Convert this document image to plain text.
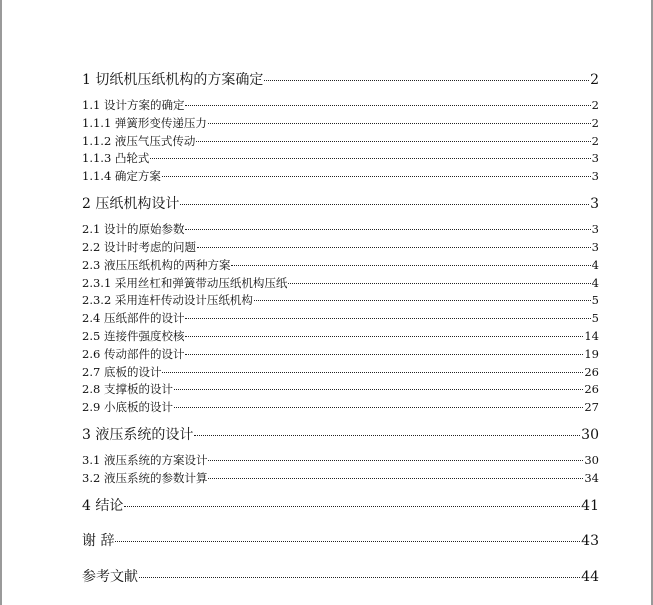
1 切纸机压纸机构的方案确定	2
1.1 设计方案的确定	2
1.1.1 弹簧形变传递压力	2
1.1.2 液压气压式传动	2
1.1.3 凸轮式	3
1.1.4 确定方案	3
2 压纸机构设计	3
2.1 设计的原始参数	3
2.2 设计时考虑的问题	3
2.3 液压压纸机构的两种方案	4
2.3.1 采用丝杠和弹簧带动压纸机构压纸	4
2.3.2 采用连杆传动设计压纸机构	5
2.4 压纸部件的设计	5
2.5 连接件强度校核	14
2.6 传动部件的设计	19
2.7 底板的设计	26
2.8 支撑板的设计	26
2.9 小底板的设计	27
3 液压系统的设计	30
3.1 液压系统的方案设计	30
3.2 液压系统的参数计算	34
4 结论	41
谢 辞	43
参考文献	44
